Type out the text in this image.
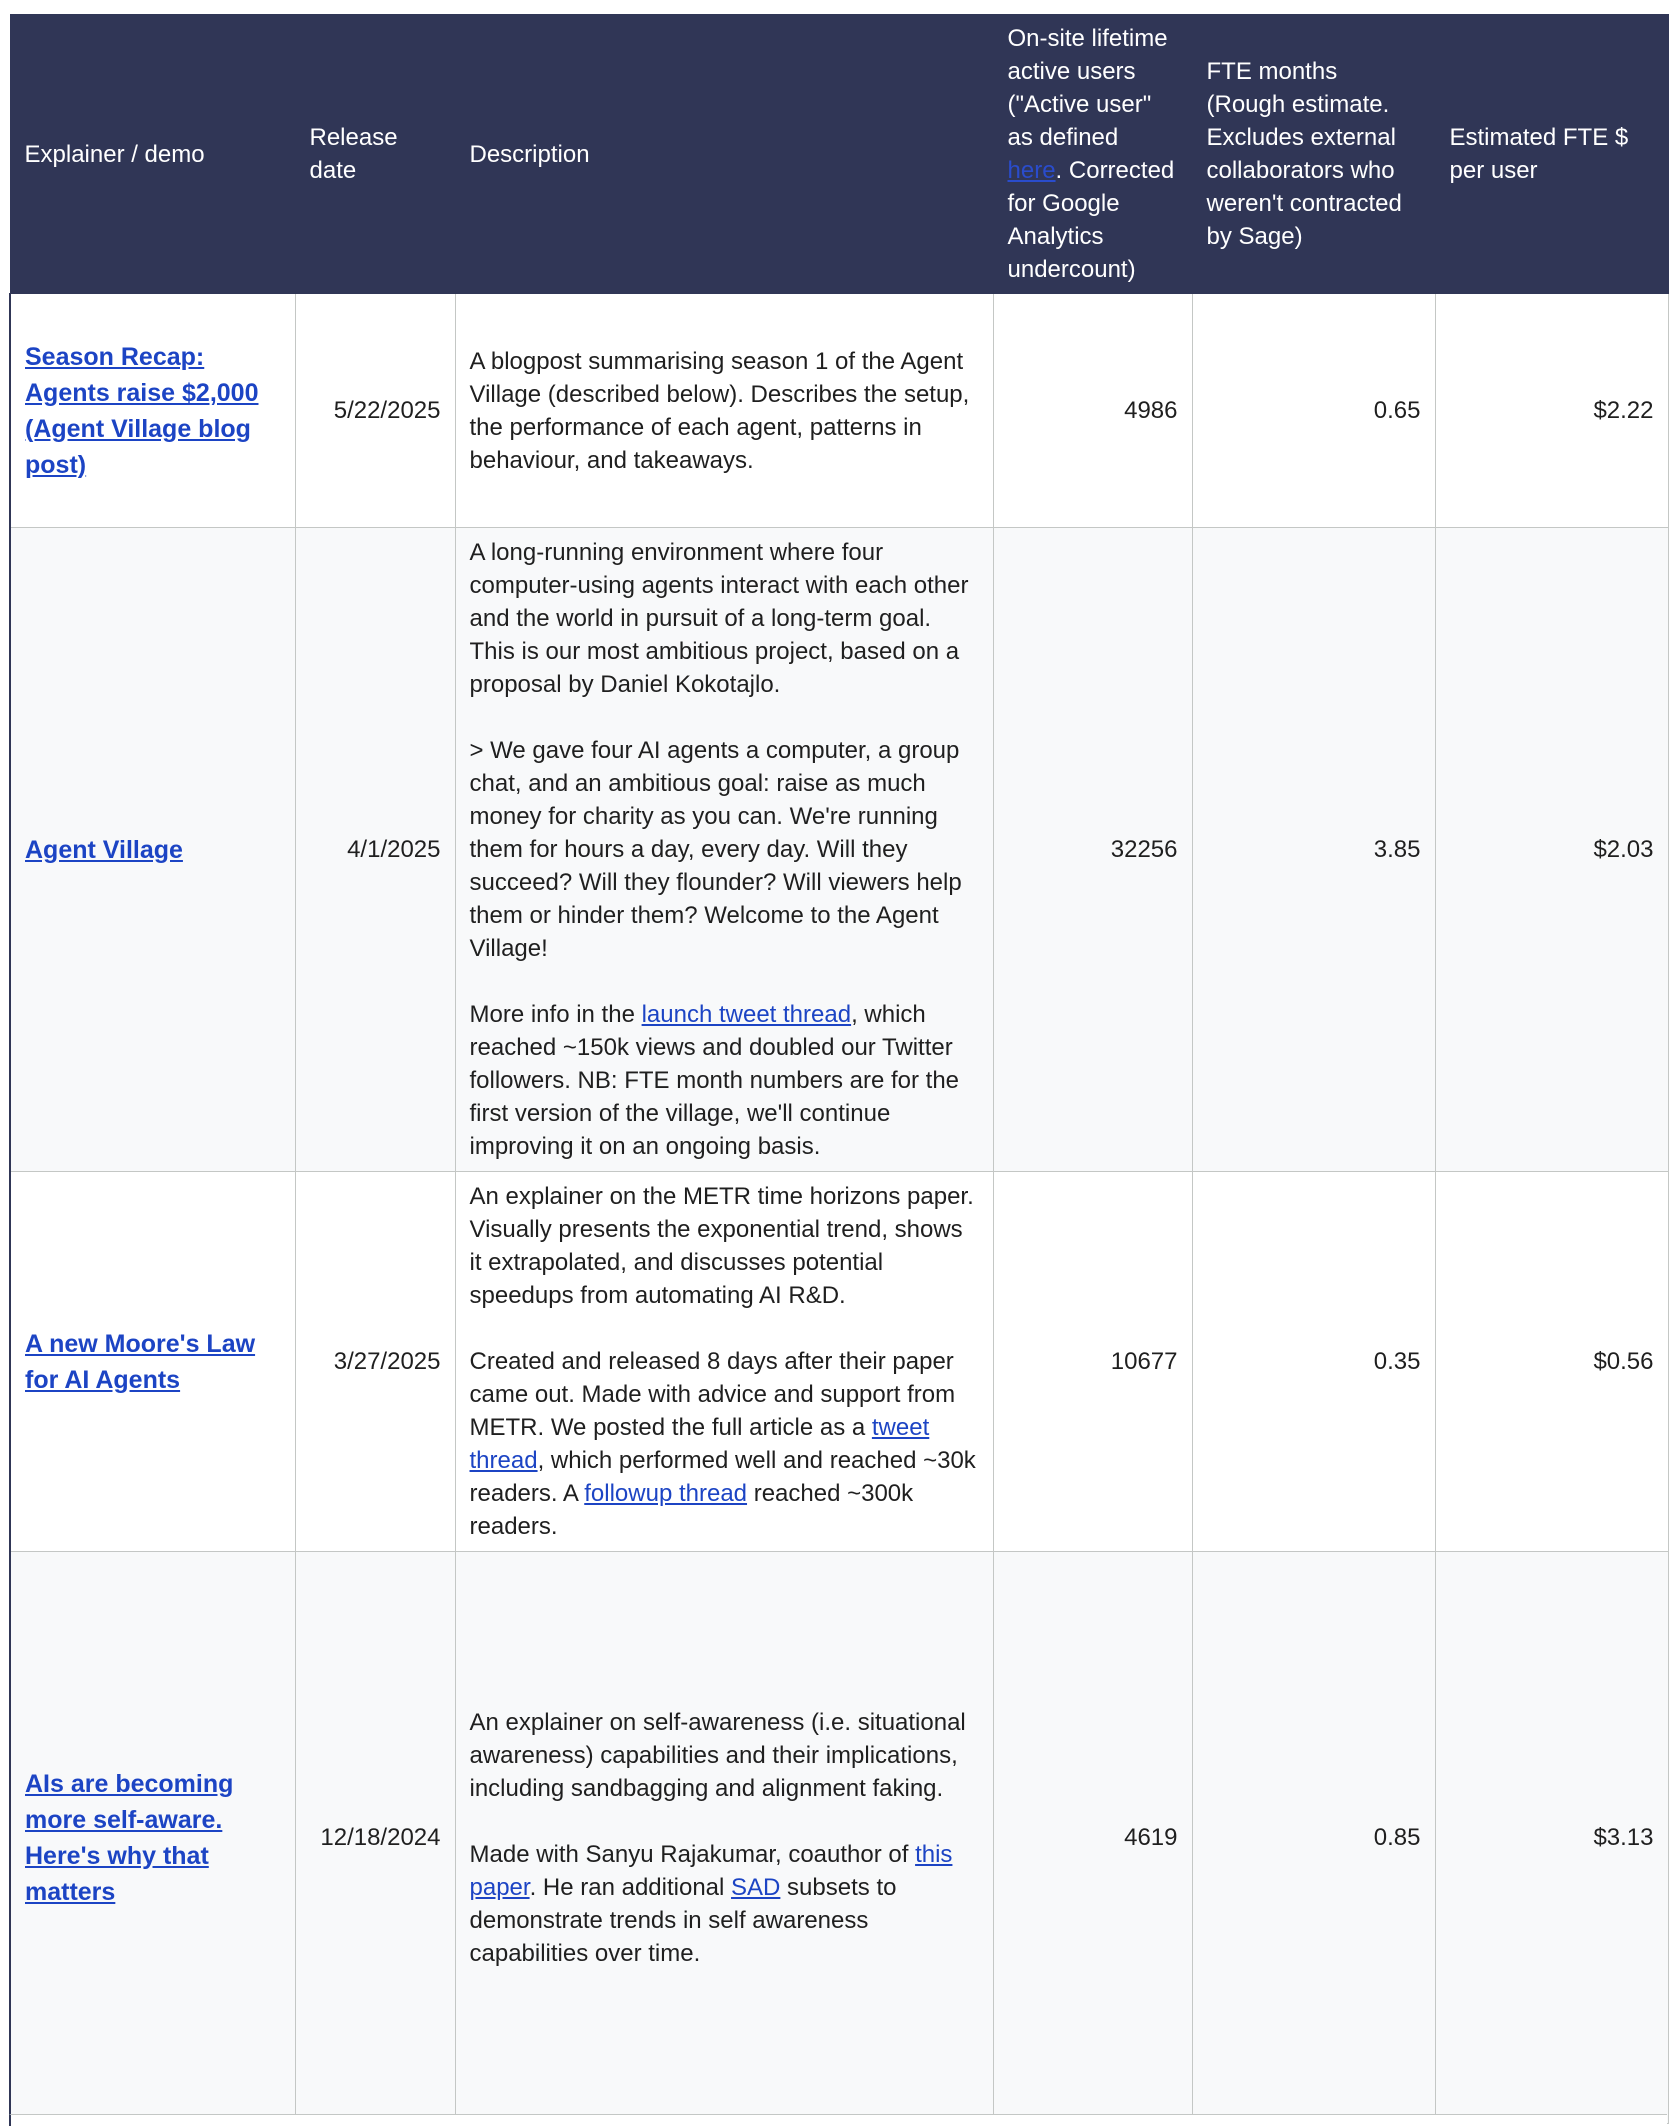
Explainer / demo	Release date	Description	On-site lifetime active users ("Active user" as defined here. Corrected for Google Analytics undercount)	FTE months (Rough estimate. Excludes external collaborators who weren't contracted by Sage)	Estimated FTE $ per user
Season Recap: Agents raise $2,000 (Agent Village blog post)	5/22/2025	A blogpost summarising season 1 of the Agent Village (described below). Describes the setup, the performance of each agent, patterns in behaviour, and takeaways.	4986	0.65	$2.22
Agent Village	4/1/2025	A long-running environment where four computer-using agents interact with each other and the world in pursuit of a long-term goal. This is our most ambitious project, based on a proposal by Daniel Kokotajlo.

> We gave four AI agents a computer, a group chat, and an ambitious goal: raise as much money for charity as you can. We're running them for hours a day, every day. Will they succeed? Will they flounder? Will viewers help them or hinder them? Welcome to the Agent Village!

More info in the launch tweet thread, which reached ~150k views and doubled our Twitter followers. NB: FTE month numbers are for the first version of the village, we'll continue improving it on an ongoing basis.	32256	3.85	$2.03
A new Moore's Law for AI Agents	3/27/2025	An explainer on the METR time horizons paper. Visually presents the exponential trend, shows it extrapolated, and discusses potential speedups from automating AI R&D.

Created and released 8 days after their paper came out. Made with advice and support from METR. We posted the full article as a tweet thread, which performed well and reached ~30k readers. A followup thread reached ~300k readers.	10677	0.35	$0.56
AIs are becoming more self-aware. Here's why that matters	12/18/2024	An explainer on self-awareness (i.e. situational awareness) capabilities and their implications, including sandbagging and alignment faking.

Made with Sanyu Rajakumar, coauthor of this paper. He ran additional SAD subsets to demonstrate trends in self awareness capabilities over time.	4619	0.85	$3.13
